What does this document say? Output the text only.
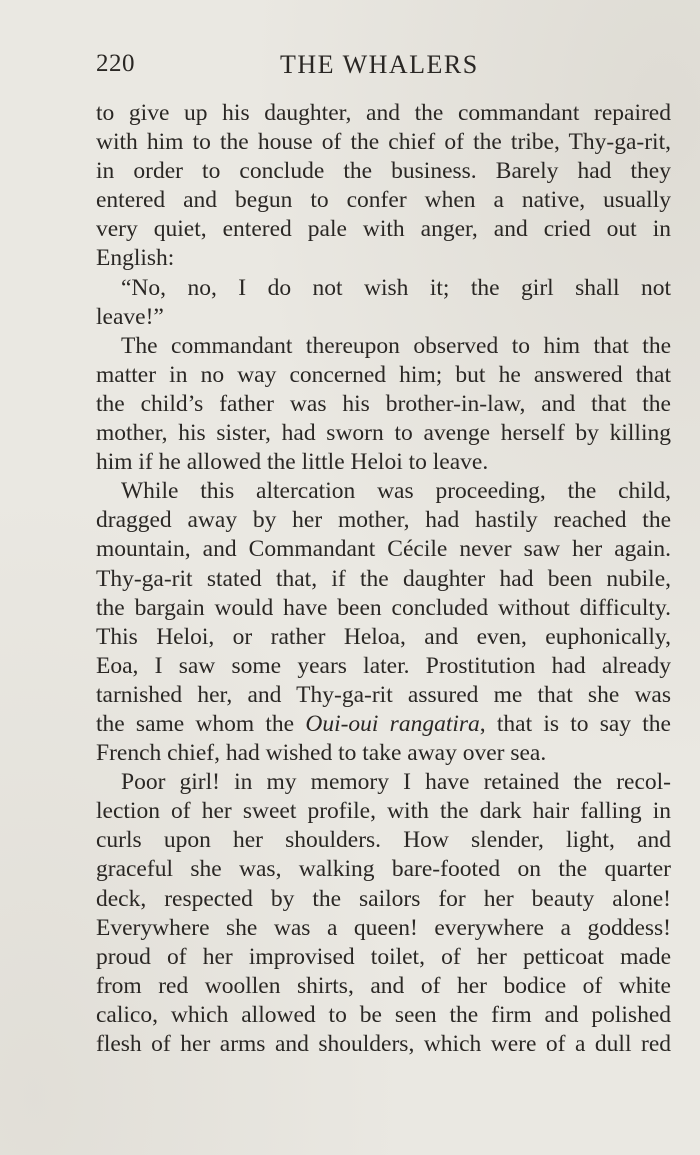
220	THE WHALERS
to give up his daughter, and the commandant repaired
with him to the house of the chief of the tribe, Thy-ga-rit,
in order to conclude the business. Barely had they
entered and begun to confer when a native, usually
very quiet, entered pale with anger, and cried out in
English:
“No, no, I do not wish it; the girl shall not
leave!”
The commandant thereupon observed to him that the
matter in no way concerned him; but he answered that
the child’s father was his brother-in-law, and that the
mother, his sister, had sworn to avenge herself by killing
him if he allowed the little Heloi to leave.
While this altercation was proceeding, the child,
dragged away by her mother, had hastily reached the
mountain, and Commandant Cécile never saw her again.
Thy-ga-rit stated that, if the daughter had been nubile,
the bargain would have been concluded without difficulty.
This Heloi, or rather Heloa, and even, euphonically,
Eoa, I saw some years later. Prostitution had already
tarnished her, and Thy-ga-rit assured me that she was
the same whom the Oui-oui rangatira, that is to say the
French chief, had wished to take away over sea.
Poor girl! in my memory I have retained the recol-
lection of her sweet profile, with the dark hair falling in
curls upon her shoulders. How slender, light, and
graceful she was, walking bare-footed on the quarter
deck, respected by the sailors for her beauty alone!
Everywhere she was a queen! everywhere a goddess!
proud of her improvised toilet, of her petticoat made
from red woollen shirts, and of her bodice of white
calico, which allowed to be seen the firm and polished
flesh of her arms and shoulders, which were of a dull red
